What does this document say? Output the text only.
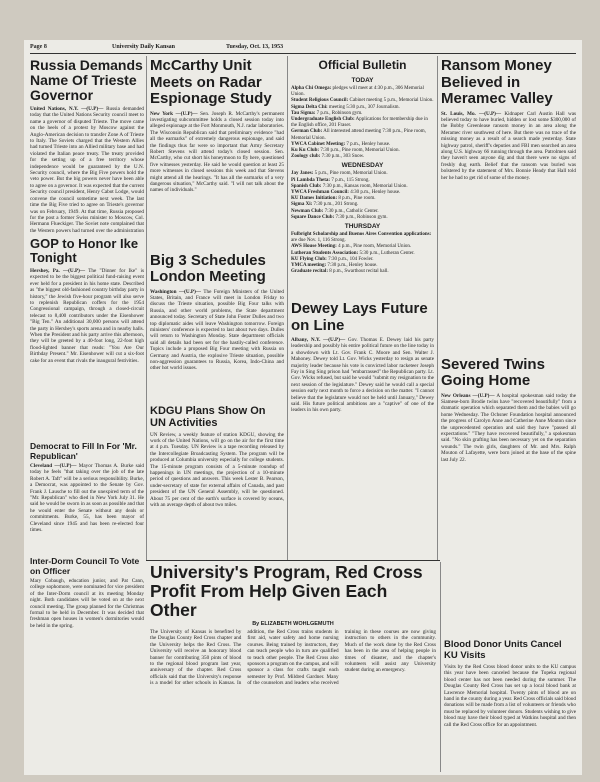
Page 8	University Daily Kansan	Tuesday, Oct. 13, 1953
Russia Demands Name Of Trieste Governor

United Nations, N.Y. —(U.P)— Russia demanded today that the United Nations Security council meet to name a governor of disputed Trieste. The move came on the heels of a protest by Moscow against the Anglo-American decision to transfer Zone A of Trieste to Italy. The Soviets charged that the Western Allies had turned Trieste into an Allied military base and had violated the Italian peace treaty. The treaty provided for the setting up of a free territory whose independence would be guaranteed by the U.N. Security council, where the Big Five powers hold the veto power. But the big powers never have been able to agree on a governor. It was expected that the current Security council president, Henry Cabot Lodge, would convene the council sometime next week. The last time the Big Five tried to agree on Trieste's governor was on February, 1949. At that time, Russia proposed for the post a former Swiss minister to Moscow, Col. Hermann Flueckiger. The Soviet note complained that the Western powers had turned over the administration

GOP to Honor Ike Tonight

Hershey, Pa. —(U.P)— The "Dinner for Ike" is expected to be the biggest political fund-raising event ever held for a president in his home state. Described as "the biggest old-fashioned country birthday party in history," the Jewish five-hour program will also serve to replenish Republican coffers for the 1954 Congressional campaign, through a closed-circuit telecast to 8,400 contributors under the Eisenhower "Big Ten." An additional 30,000 persons will attend the party in Hershey's sports arena and in nearby halls. When the President and his party arrive this afternoon, they will be greeted by a 40-foot long, 22-foot high flood-lighted banner that reads: "You Are Our Birthday Present." Mr. Eisenhower will cut a six-foot cake for an event that rivals the inaugural festivities.

Democrat to Fill In For 'Mr. Republican'

Cleveland —(U.P)— Mayor Thomas A. Burke said today he feels "that taking over the job of the late Robert A. Taft" will be a serious responsibility. Burke, a Democrat, was appointed to the Senate by Gov. Frank J. Lausche to fill out the unexpired term of the "Mr. Republican" who died in New York July 31. He said he would be sworn in as soon as possible and that he would enter the Senate without any deals or commitments. Burke, 55, has been mayor of Cleveland since 1945 and has been re-elected four times.

Inter-Dorm Council To Vote on Officer

Mary Cobaugh, education junior, and Pat Cann, college sophomore, were nominated for vice president of the Inter-Dorm council at its meeting Monday night. Both candidates will be voted on at the next council meeting. The group planned for the Christmas formal to be held in December. It was decided that freshman open houses in women's dormitories would be held in the spring.

McCarthy Unit Meets on Radar Espionage Study

New York —(U.P)— Sen. Joseph R. McCarthy's permanent investigating subcommittee holds a closed session today into alleged espionage at the Fort Monmouth, N.J. radar laboratories. The Wisconsin Republican said that preliminary evidence "had all the earmarks" of extremely dangerous espionage, and said the findings thus far were so important that Army Secretary Robert Stevens will attend today's closed session. Sen. McCarthy, who cut short his honeymoon to fly here, questioned five witnesses yesterday. He said he would question at least 25 more witnesses in closed sessions this week and that Stevens might attend all the hearings. "It has all the earmarks of a very dangerous situation," McCarthy said. "I will not talk about the names of individuals."

Big 3 Schedules London Meeting

Washington —(U.P)— The Foreign Ministers of the United States, Britain, and France will meet in London Friday to discuss the Trieste situation, possible Big Four talks with Russia, and other world problems, the State department announced today. Secretary of State John Foster Dulles and two top diplomatic aides will leave Washington tomorrow. Foreign ministers' conference is expected to last about two days. Dulles will return to Washington Monday. State department officials said all details had been set for the hastily-called conference. Topics include a proposed Big Four meeting with Russia on Germany and Austria, the explosive Trieste situation, possible non-aggression guarantees to Russia, Korea, Indo-China and other hot world issues.

KDGU Plans Show On UN Activities

UN Review, a weekly feature of station KDGU, showing the work of the United Nations, will go on the air for the first time at 4 p.m. Tuesday. UN Review is a tape recording released by the Intercollegiate Broadcasting System. The program will be produced at Columbia university especially for college students. The 15-minute program consists of a 5-minute roundup of happenings in UN meetings, the projection of a 10-minute period of questions and answers. This week Lester B. Pearson, under-secretary of state for external affairs of Canada, and past president of the UN General Assembly, will be questioned. About 75 per cent of the earth's surface is covered by oceans, with an average depth of about two miles.

Official Bulletin
TODAY

Alpha Chi Omega: pledges will meet at 4:30 p.m., 306 Memorial Union.

Student Religious Council: Cabinet meeting 5 p.m., Memorial Union.

Sigma Delta Chi: meeting 5:30 p.m., 307 Journalism.

Tau Sigma: 7 p.m., Robinson gym.

Undergraduate English Club: Applications for membership due in the English office, 201 Fraser.

German Club: All interested attend meeting 7:30 p.m., Pine room, Memorial Union.

YWCA Cabinet Meeting: 7 p.m., Henley house.

Ku Ku Club: 7:30 p.m., Pine room, Memorial Union.

Zoology club: 7:30 p.m., 303 Snow.

WEDNESDAY

Jay Janes: 5 p.m., Pine room, Memorial Union.

Pi Lambda Theta: 7 p.m., 115 Strong.

Spanish Club: 7:30 p.m., Kansas room, Memorial Union.

YWCA Freshman Council: 4:30 p.m., Henley house.

KU Dames Initiation: 8 p.m., Pine room.

Sigma Xi: 7:30 p.m., 201 Strong.

Newman Club: 7:30 p.m., Catholic Center.

Square Dance Club: 7:30 p.m., Robinson gym.

THURSDAY

Fulbright Scholarship and Buenos Aires Convention applications: are due Nov. 1, 116 Strong.

AWS House Meeting: 4 p.m., Pine room, Memorial Union.

Lutheran Students Association: 5:30 p.m., Lutheran Center.

KU Flying Club: 7:30 p.m., 104 Fowler.

YMCA meeting: 7:30 p.m., Henley house.

Graduate recital: 8 p.m., Swarthout recital hall.

Dewey Lays Future on Line

Albany, N.Y. —(U.P)— Gov. Thomas E. Dewey laid his party leadership and possibly his entire political future on the line today in a showdown with Lt. Gov. Frank C. Moore and Sen. Walter J. Mahoney. Dewey told Lt. Gov. Wicks yesterday to resign as senate majority leader because his vote is convicted labor racketeer Joseph Fay in Sing Sing prison had "embarrassed" the Republican party. Lt. Gov. Wicks refused, but said he would "submit my resignation to the next session of the legislature." Dewey said he would call a special session early next month to force a decision on the matter. "I cannot believe that the legislature would not be held until January," Dewey said. His future political ambitions are a "captive" of one of the leaders in his own party.

Ransom Money Believed in Meramec Valley

St. Louis, Mo. —(U.P)— Kidnaper Carl Austin Hall was believed today to have buried, hidden or lost some $300,000 of the Bobby Greenlease ransom money in an area along the Meramec river southwest of here. But there was no trace of the missing money as a result of a search made yesterday. State highway patrol, sheriff's deputies and FBI men searched an area along U.S. highway 66 running through the area. Patrolmen said they haven't seen anyone dig and that there were no signs of freshly dug earth. Belief that the ransom was buried was bolstered by the statement of Mrs. Bonnie Heady that Hall told her he had to get rid of some of the money.

Severed Twins Going Home

New Orleans —(U.P)— A hospital spokesman said today the Siamese-born Brodie twins have "recovered beautifully" from a dramatic operation which separated them and the babies will go home Wednesday. The Ochsner Foundation hospital announced the progress of Carolyn Anne and Catherine Anne Mouton since the unprecedented operation and said they have "passed all expectations." "They have recovered beautifully," a spokesman said. "No skin grafting has been necessary yet on the separation wounds." The twin girls, daughters of Mr. and Mrs. Ralph Mouton of Lafayette, were born joined at the base of the spine last July 22.

University's Program, Red Cross Profit From Help Given Each Other
By ELIZABETH WOHLGEMUTH

The University of Kansas is benefited by the Douglas County Red Cross chapter and the University helps the Red Cross. The University will receive an honorary blood banner for contributing 350 pints of blood to the regional blood program last year, anniversary of the chapter. Red Cross officials said that the University's response is a model for other schools in Kansas. In addition, the Red Cross trains students in first aid, water safety and home nursing courses. Being trained by instructors, they can teach people who in turn are qualified to teach other people. The Red Cross also sponsors a program on the campus, and will sponsor a class for crafts taught each semester by Prof. Mildred Gardner. Many of the counselors and leaders who received training in these courses are now giving instruction to others in the community. Much of the work done by the Red Cross has been in the area of helping people in times of disaster, and the chapter's volunteers will assist any University student during an emergency.

Blood Donor Units Cancel KU Visits

Visits by the Red Cross blood donor units to the KU campus this year have been canceled because the Topeka regional blood center has not been needed during the summer. The Douglas County Red Cross has set up a local blood bank at Lawrence Memorial hospital. Twenty pints of blood are on hand in the county during a year. Red Cross officials said blood donations will be made from a list of volunteers or friends who must be replaced by volunteer donors. Students wishing to give blood may have their blood typed at Watkins hospital and then call the Red Cross office for an appointment.
